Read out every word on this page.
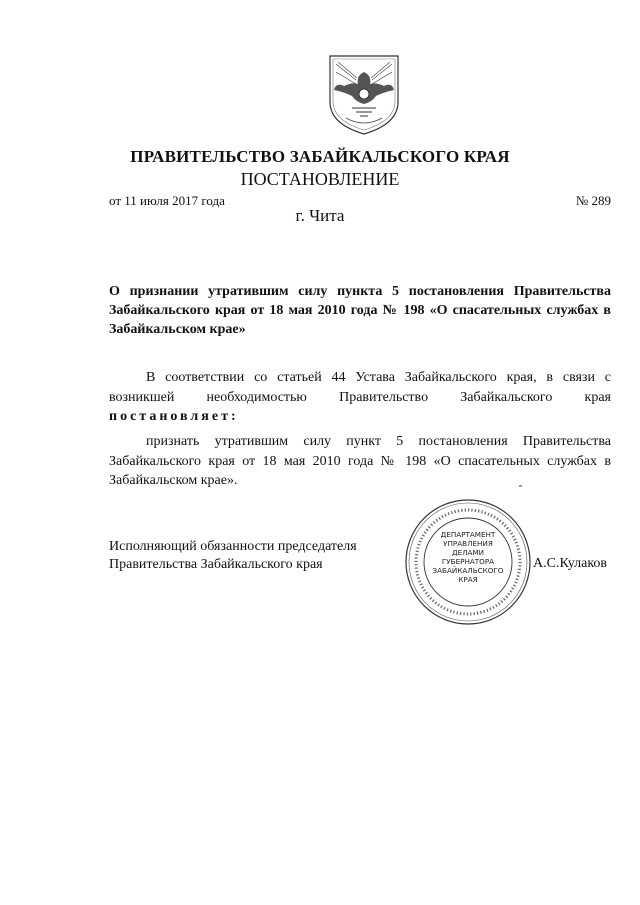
ПРАВИТЕЛЬСТВО ЗАБАЙКАЛЬСКОГО КРАЯ
ПОСТАНОВЛЕНИЕ
от 11 июля 2017 года	№ 289
г. Чита
О признании утратившим силу пункта 5 постановления Правительства Забайкальского края от 18 мая 2010 года № 198 «О спасательных службах в Забайкальском крае»
В соответствии со статьей 44 Устава Забайкальского края, в связи с возникшей необходимостью Правительство Забайкальского края постановляет:
признать утратившим силу пункт 5 постановления Правительства Забайкальского края от 18 мая 2010 года № 198 «О спасательных службах в Забайкальском крае».
Исполняющий обязанности председателя
Правительства Забайкальского края
ДЕПАРТАМЕНТ
УПРАВЛЕНИЯ
ДЕЛАМИ
ГУБЕРНАТОРА
ЗАБАЙКАЛЬСКОГО
КРАЯ
А.С.Кулаков
